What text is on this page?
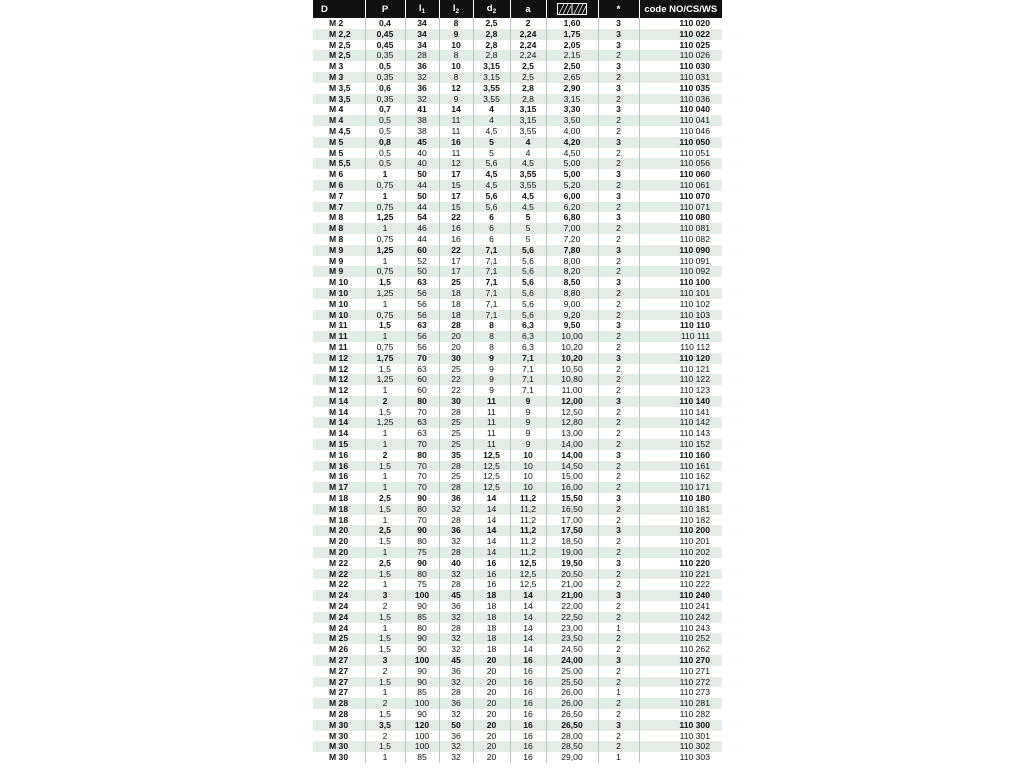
D	P	$l_1$	$l_2$	$d_2$	a		*	code NO/CS/WS
M 2	0,4	34	8	2,5	2	1,60	3	110 020
M 2,2	0,45	34	9	2,8	2,24	1,75	3	110 022
M 2,5	0,45	34	10	2,8	2,24	2,05	3	110 025
M 2,5	0,35	28	8	2,8	2,24	2,15	2	110 026
M 3	0,5	36	10	3,15	2,5	2,50	3	110 030
M 3	0,35	32	8	3,15	2,5	2,65	2	110 031
M 3,5	0,6	36	12	3,55	2,8	2,90	3	110 035
M 3,5	0,35	32	9	3,55	2,8	3,15	2	110 036
M 4	0,7	41	14	4	3,15	3,30	3	110 040
M 4	0,5	38	11	4	3,15	3,50	2	110 041
M 4,5	0,5	38	11	4,5	3,55	4,00	2	110 046
M 5	0,8	45	16	5	4	4,20	3	110 050
M 5	0,5	40	11	5	4	4,50	2	110 051
M 5,5	0,5	40	12	5,6	4,5	5,00	2	110 056
M 6	1	50	17	4,5	3,55	5,00	3	110 060
M 6	0,75	44	15	4,5	3,55	5,20	2	110 061
M 7	1	50	17	5,6	4,5	6,00	3	110 070
M 7	0,75	44	15	5,6	4,5	6,20	2	110 071
M 8	1,25	54	22	6	5	6,80	3	110 080
M 8	1	46	16	6	5	7,00	2	110 081
M 8	0,75	44	16	6	5	7,20	2	110 082
M 9	1,25	60	22	7,1	5,6	7,80	3	110 090
M 9	1	52	17	7,1	5,6	8,00	2	110 091
M 9	0,75	50	17	7,1	5,6	8,20	2	110 092
M 10	1,5	63	25	7,1	5,6	8,50	3	110 100
M 10	1,25	56	18	7,1	5,6	8,80	2	110 101
M 10	1	56	18	7,1	5,6	9,00	2	110 102
M 10	0,75	56	18	7,1	5,6	9,20	2	110 103
M 11	1,5	63	28	8	6,3	9,50	3	110 110
M 11	1	56	20	8	6,3	10,00	2	110 111
M 11	0,75	56	20	8	6,3	10,20	2	110 112
M 12	1,75	70	30	9	7,1	10,20	3	110 120
M 12	1,5	63	25	9	7,1	10,50	2	110 121
M 12	1,25	60	22	9	7,1	10,80	2	110 122
M 12	1	60	22	9	7,1	11,00	2	110 123
M 14	2	80	30	11	9	12,00	3	110 140
M 14	1,5	70	28	11	9	12,50	2	110 141
M 14	1,25	63	25	11	9	12,80	2	110 142
M 14	1	63	25	11	9	13,00	2	110 143
M 15	1	70	25	11	9	14,00	2	110 152
M 16	2	80	35	12,5	10	14,00	3	110 160
M 16	1,5	70	28	12,5	10	14,50	2	110 161
M 16	1	70	25	12,5	10	15,00	2	110 162
M 17	1	70	28	12,5	10	16,00	2	110 171
M 18	2,5	90	36	14	11,2	15,50	3	110 180
M 18	1,5	80	32	14	11,2	16,50	2	110 181
M 18	1	70	28	14	11,2	17,00	2	110 182
M 20	2,5	90	36	14	11,2	17,50	3	110 200
M 20	1,5	80	32	14	11,2	18,50	2	110 201
M 20	1	75	28	14	11,2	19,00	2	110 202
M 22	2,5	90	40	16	12,5	19,50	3	110 220
M 22	1,5	80	32	16	12,5	20,50	2	110 221
M 22	1	75	28	16	12,5	21,00	2	110 222
M 24	3	100	45	18	14	21,00	3	110 240
M 24	2	90	36	18	14	22,00	2	110 241
M 24	1,5	85	32	18	14	22,50	2	110 242
M 24	1	80	28	18	14	23,00	1	110 243
M 25	1,5	90	32	18	14	23,50	2	110 252
M 26	1,5	90	32	18	14	24,50	2	110 262
M 27	3	100	45	20	16	24,00	3	110 270
M 27	2	90	36	20	16	25,00	2	110 271
M 27	1,5	90	32	20	16	25,50	2	110 272
M 27	1	85	28	20	16	26,00	1	110 273
M 28	2	100	36	20	16	26,00	2	110 281
M 28	1,5	90	32	20	16	26,50	2	110 282
M 30	3,5	120	50	20	16	26,50	3	110 300
M 30	2	100	36	20	16	28,00	2	110 301
M 30	1,5	100	32	20	16	28,50	2	110 302
M 30	1	85	32	20	16	29,00	1	110 303
